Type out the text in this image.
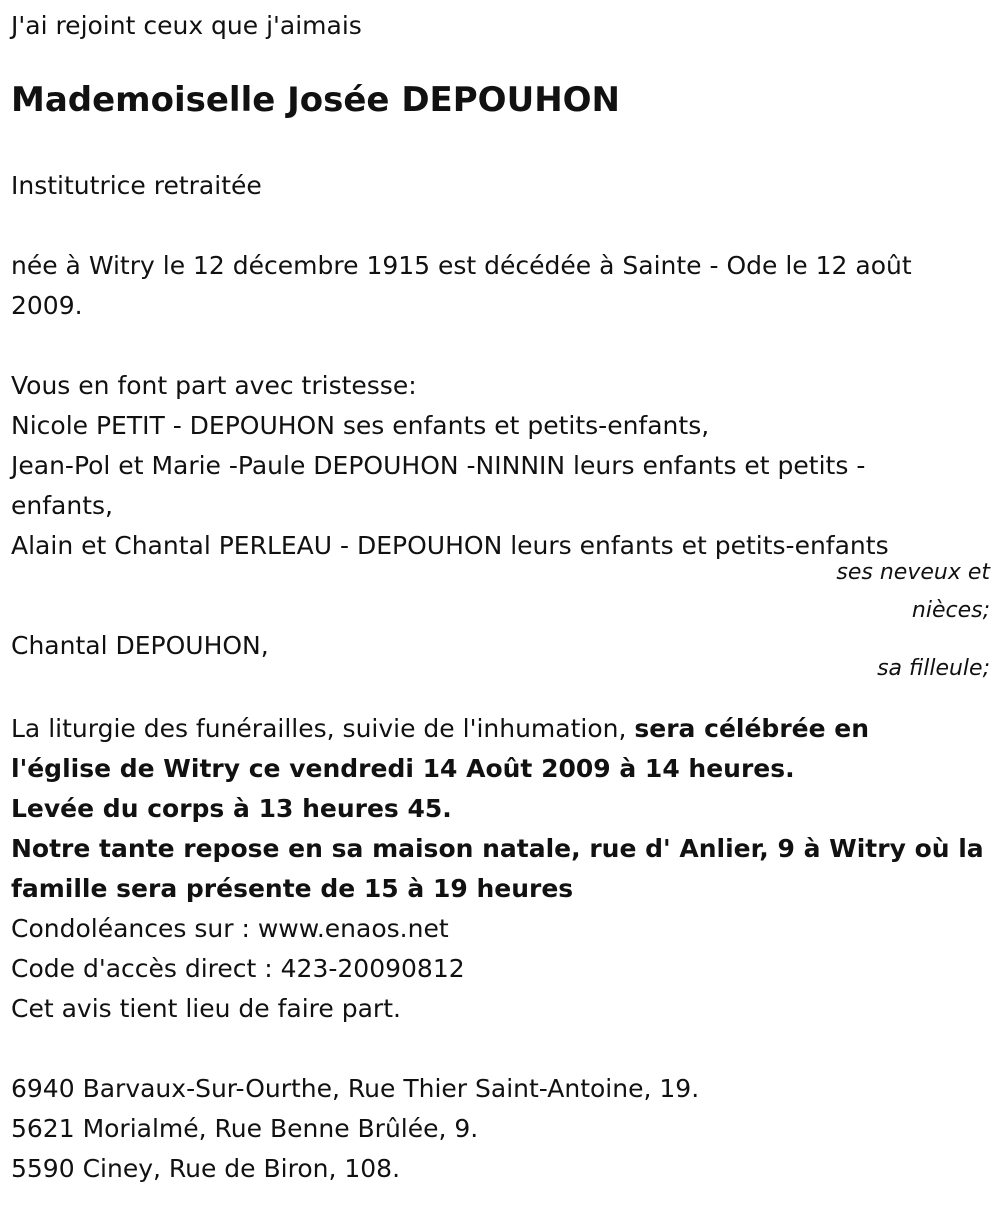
J'ai rejoint ceux que j'aimais

Mademoiselle Josée DEPOUHON

Institutrice retraitée

née à Witry le 12 décembre 1915 est décédée à Sainte - Ode le 12 août
2009.
Vous en font part avec tristesse:
Nicole PETIT - DEPOUHON ses enfants et petits-enfants,
Jean-Pol et Marie -Paule DEPOUHON -NINNIN leurs enfants et petits -
enfants,
Alain et Chantal PERLEAU - DEPOUHON leurs enfants et petits-enfants
ses neveux et
nièces;

Chantal DEPOUHON,

sa filleule;

La liturgie des funérailles, suivie de l'inhumation, sera célébrée en
l'église de Witry ce vendredi 14 Août 2009 à 14 heures.
Levée du corps à 13 heures 45.
Notre tante repose en sa maison natale, rue d' Anlier, 9 à Witry où la
famille sera présente de 15 à 19 heures
Condoléances sur : www.enaos.net
Code d'accès direct : 423-20090812
Cet avis tient lieu de faire part.
6940 Barvaux-Sur-Ourthe, Rue Thier Saint-Antoine, 19.
5621 Morialmé, Rue Benne Brûlée, 9.
5590 Ciney, Rue de Biron, 108.
